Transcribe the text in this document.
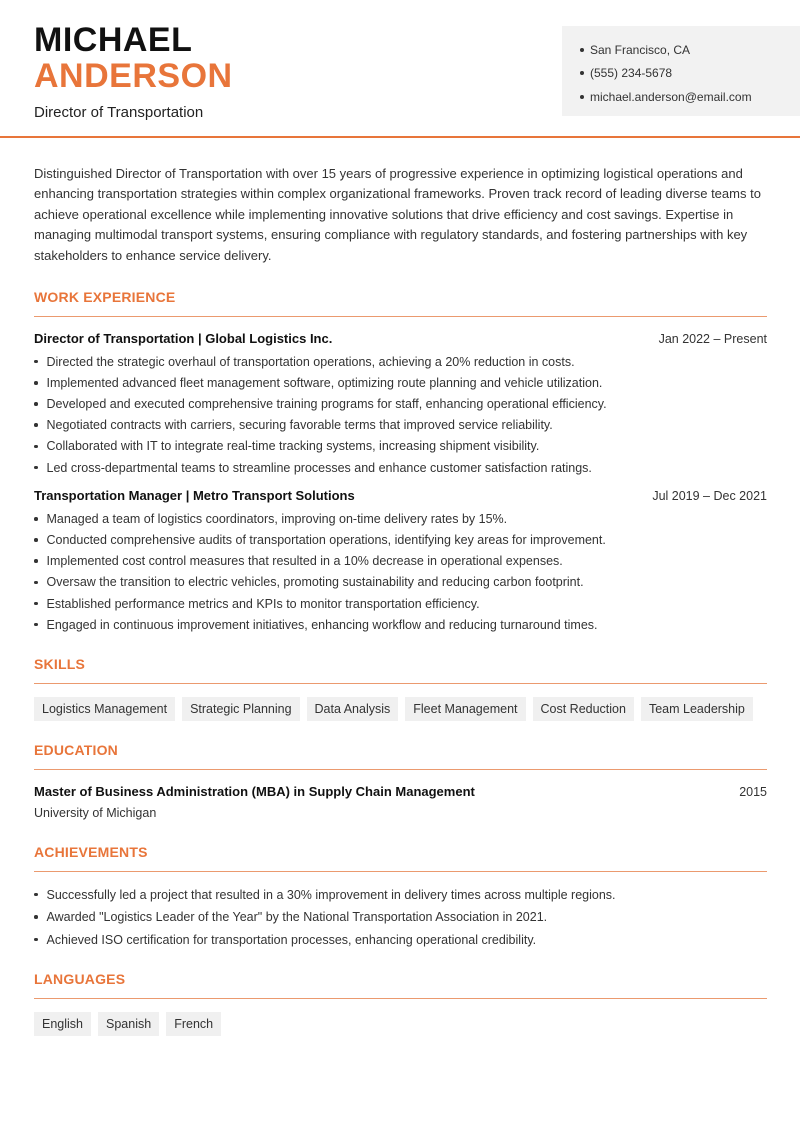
MICHAEL
ANDERSON
Director of Transportation
San Francisco, CA
(555) 234-5678
michael.anderson@email.com

Distinguished Director of Transportation with over 15 years of progressive experience in optimizing logistical operations and enhancing transportation strategies within complex organizational frameworks. Proven track record of leading diverse teams to achieve operational excellence while implementing innovative solutions that drive efficiency and cost savings. Expertise in managing multimodal transport systems, ensuring compliance with regulatory standards, and fostering partnerships with key stakeholders to enhance service delivery.

WORK EXPERIENCE
Director of Transportation | Global Logistics Inc.	Jan 2022 – Present
Directed the strategic overhaul of transportation operations, achieving a 20% reduction in costs.
Implemented advanced fleet management software, optimizing route planning and vehicle utilization.
Developed and executed comprehensive training programs for staff, enhancing operational efficiency.
Negotiated contracts with carriers, securing favorable terms that improved service reliability.
Collaborated with IT to integrate real-time tracking systems, increasing shipment visibility.
Led cross-departmental teams to streamline processes and enhance customer satisfaction ratings.
Transportation Manager | Metro Transport Solutions	Jul 2019 – Dec 2021
Managed a team of logistics coordinators, improving on-time delivery rates by 15%.
Conducted comprehensive audits of transportation operations, identifying key areas for improvement.
Implemented cost control measures that resulted in a 10% decrease in operational expenses.
Oversaw the transition to electric vehicles, promoting sustainability and reducing carbon footprint.
Established performance metrics and KPIs to monitor transportation efficiency.
Engaged in continuous improvement initiatives, enhancing workflow and reducing turnaround times.
SKILLS
Logistics Management	Strategic Planning	Data Analysis	Fleet Management	Cost Reduction	Team Leadership
EDUCATION
Master of Business Administration (MBA) in Supply Chain Management	2015
University of Michigan
ACHIEVEMENTS
Successfully led a project that resulted in a 30% improvement in delivery times across multiple regions.
Awarded "Logistics Leader of the Year" by the National Transportation Association in 2021.
Achieved ISO certification for transportation processes, enhancing operational credibility.
LANGUAGES
English	Spanish	French
